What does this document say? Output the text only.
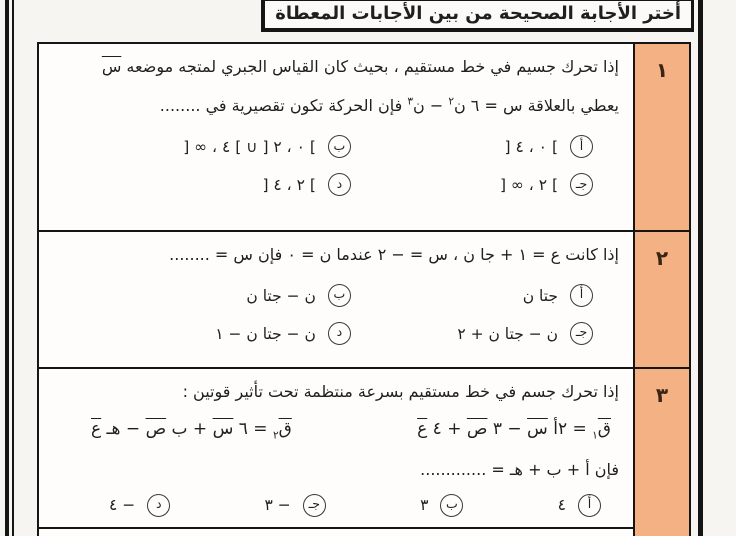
أختر الأجابة الصحيحة من بين الأجابات المعطاة
١

إذا تحرك جسيم في خط مستقيم ، بحيث كان القياس الجبري لمتجه موضعه س

يعطي بالعلاقة س = ٦ ن$^٢$ − ن$^٣$ فإن الحركة تكون تقصيرية في ........

أ
] ٤ ، ٠ [
ب
] ∞ ، ٤ [ ∪ ] ٢ ، ٠ [
جـ
] ∞ ، ٢ [
د
] ٤ ، ٢ [
٢

إذا كانت ع = ١ + جا ن ، س = − ٢ عندما ن = ٠ فإن س = ........

أ
جتا ن
ب
ن − جتا ن
جـ
ن − جتا ن + ٢
د
ن − جتا ن − ١
٣

إذا تحرك جسم في خط مستقيم بسرعة منتظمة تحت تأثير قوتين :

ق$_١$ = ٢أ س − ٣ ص + ٤ ع
ق$_٢$ = ٦ س + ب ص − هـ ع

فإن أ + ب + هـ = .............

أ
٤
ب
٣
جـ
− ٣
د
− ٤
